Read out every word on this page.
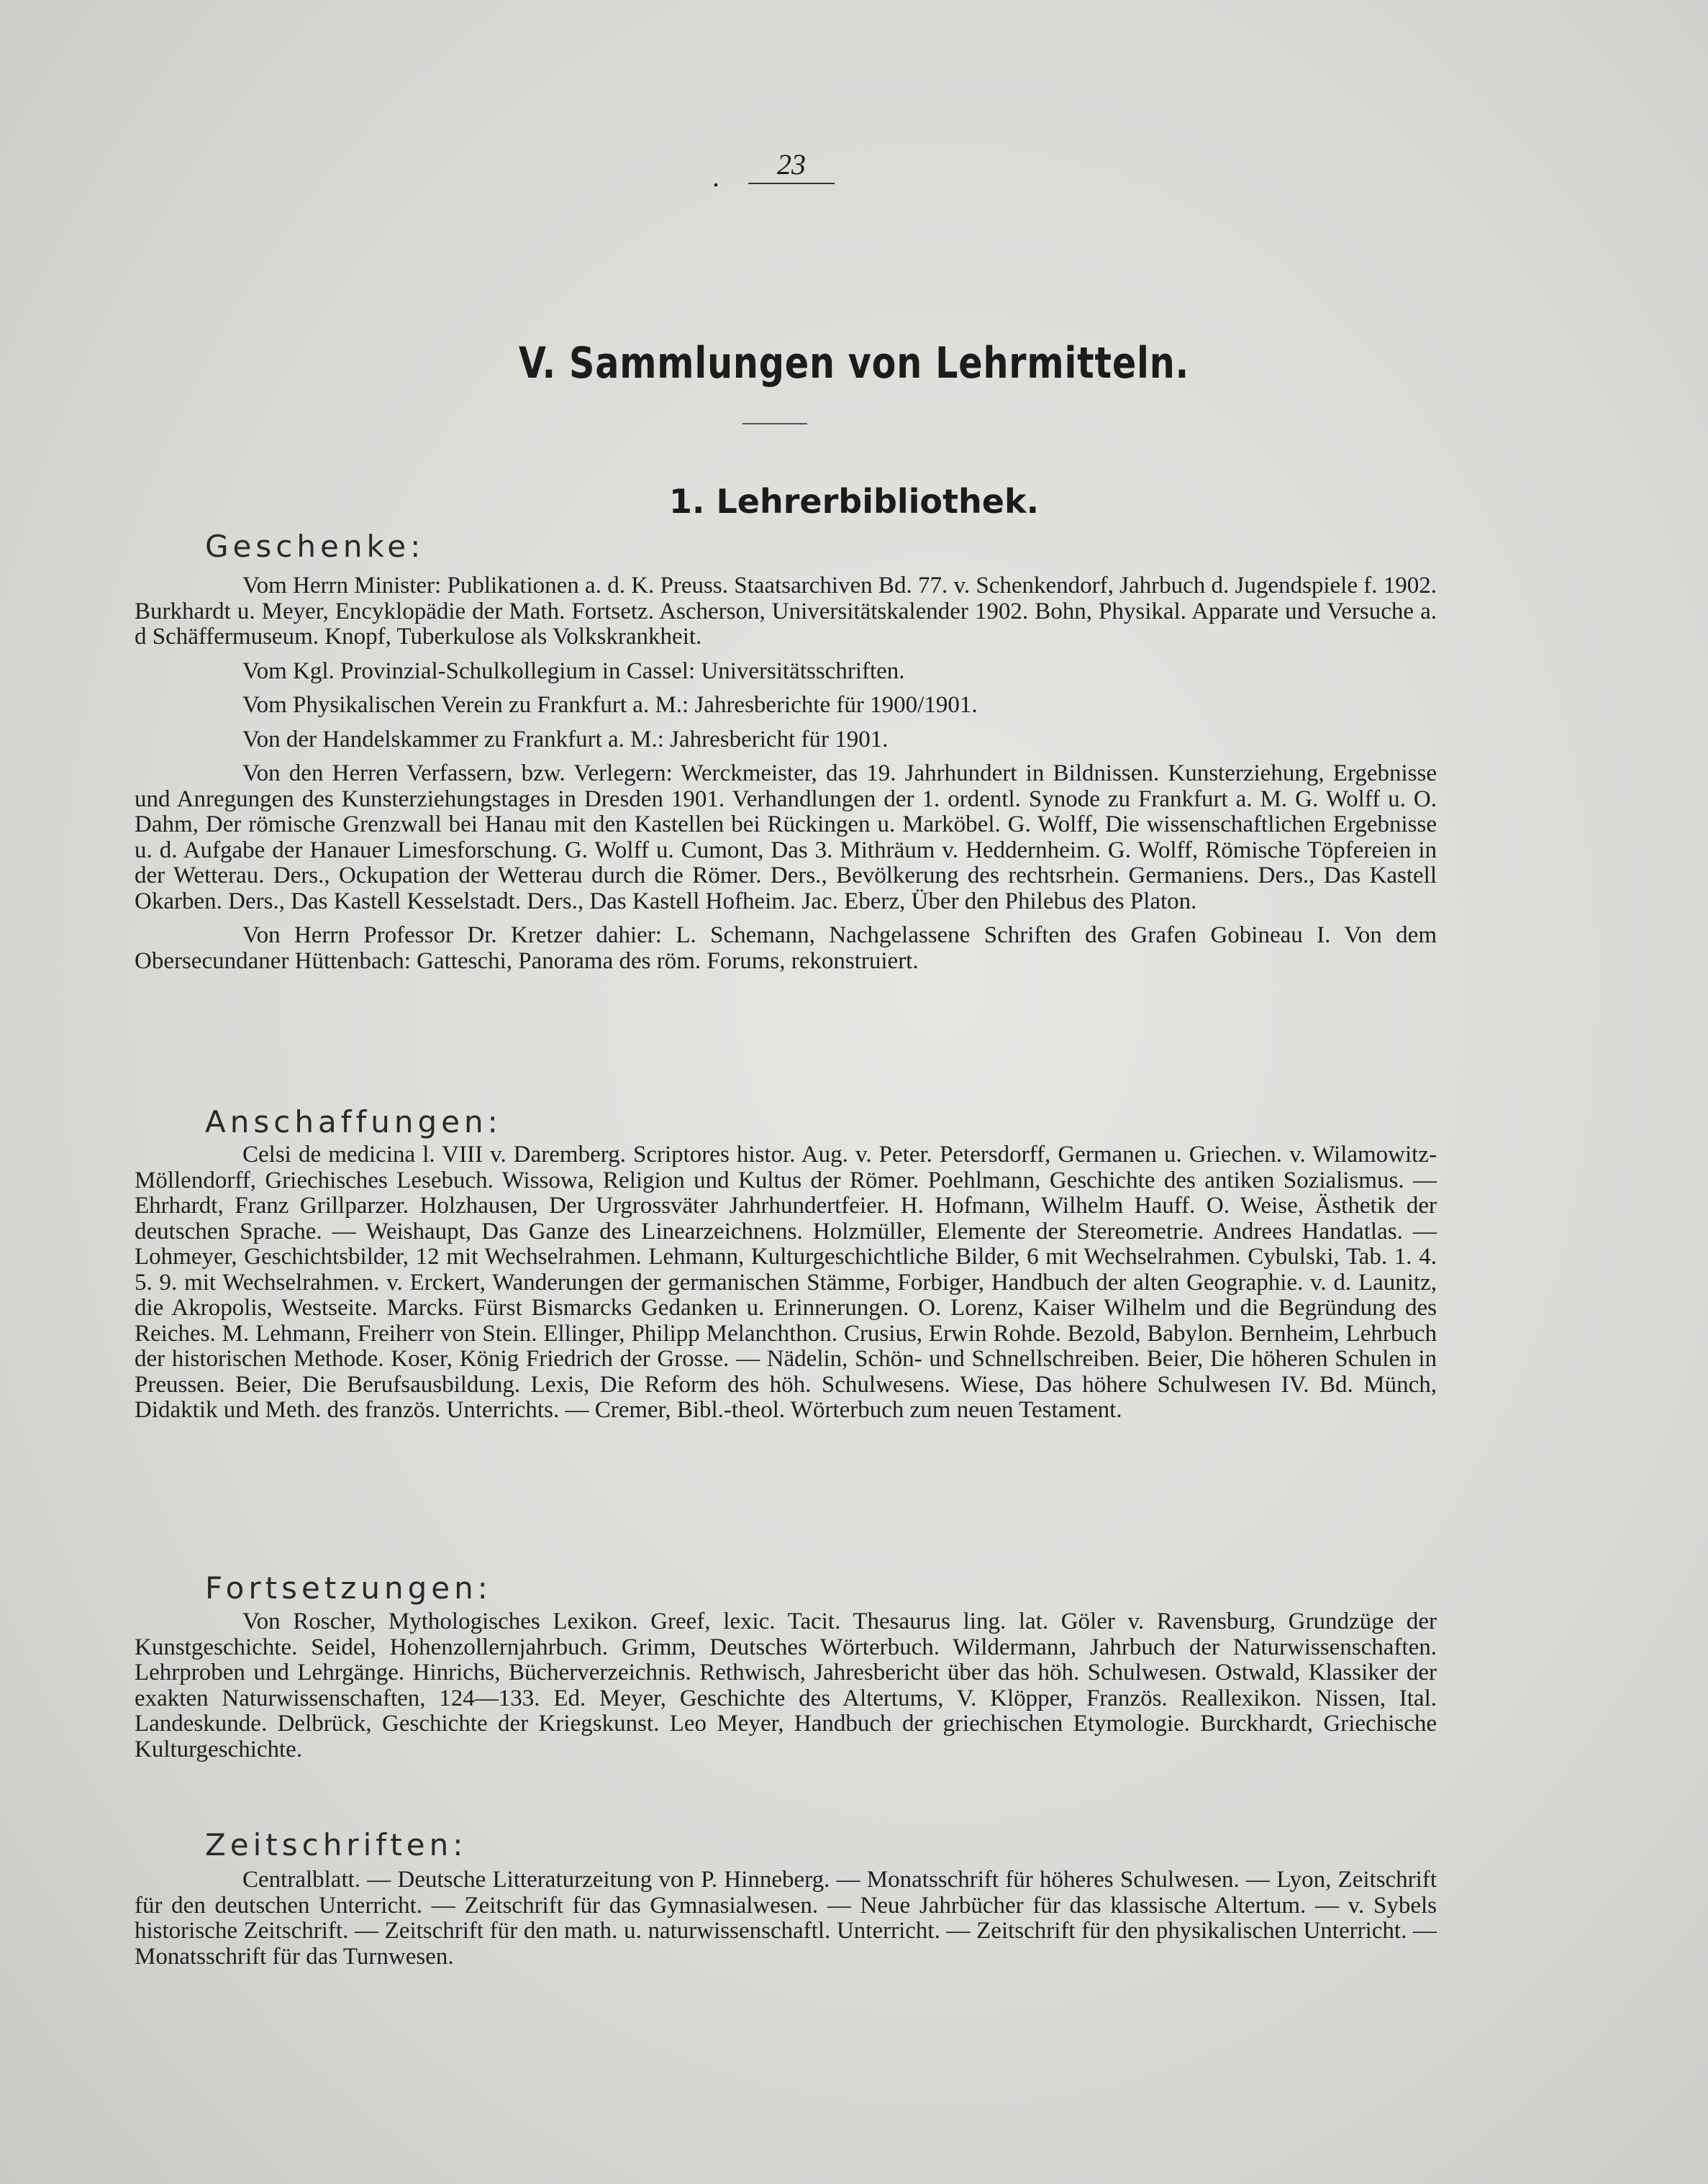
.	23
V. Sammlungen von Lehrmitteln.
1. Lehrerbibliothek.
Geschenke:

Vom Herrn Minister: Publikationen a. d. K. Preuss. Staatsarchiven Bd. 77. v. Schenkendorf, Jahrbuch d. Jugendspiele f. 1902. Burkhardt u. Meyer, Encyklopädie der Math. Fortsetz. Ascherson, Universitätskalender 1902. Bohn, Physikal. Apparate und Versuche a. d Schäffermuseum. Knopf, Tuberkulose als Volkskrankheit.

Vom Kgl. Provinzial-Schulkollegium in Cassel: Universitätsschriften.

Vom Physikalischen Verein zu Frankfurt a. M.: Jahresberichte für 1900/1901.

Von der Handelskammer zu Frankfurt a. M.: Jahresbericht für 1901.

Von den Herren Verfassern, bzw. Verlegern: Werckmeister, das 19. Jahrhundert in Bildnissen. Kunsterziehung, Ergebnisse und Anregungen des Kunsterziehungstages in Dresden 1901. Verhandlungen der 1. ordentl. Synode zu Frankfurt a. M. G. Wolff u. O. Dahm, Der römische Grenzwall bei Hanau mit den Kastellen bei Rückingen u. Marköbel. G. Wolff, Die wissenschaftlichen Ergebnisse u. d. Aufgabe der Hanauer Limesforschung. G. Wolff u. Cumont, Das 3. Mithräum v. Heddernheim. G. Wolff, Römische Töpfereien in der Wetterau. Ders., Ockupation der Wetterau durch die Römer. Ders., Bevölkerung des rechtsrhein. Germaniens. Ders., Das Kastell Okarben. Ders., Das Kastell Kesselstadt. Ders., Das Kastell Hofheim. Jac. Eberz, Über den Philebus des Platon.

Von Herrn Professor Dr. Kretzer dahier: L. Schemann, Nachgelassene Schriften des Grafen Gobineau I. Von dem Obersecundaner Hüttenbach: Gatteschi, Panorama des röm. Forums, rekonstruiert.

Anschaffungen:

Celsi de medicina l. VIII v. Daremberg. Scriptores histor. Aug. v. Peter. Petersdorff, Germanen u. Griechen. v. Wilamowitz-Möllendorff, Griechisches Lesebuch. Wissowa, Religion und Kultus der Römer. Poehlmann, Geschichte des antiken Sozialismus. — Ehrhardt, Franz Grillparzer. Holzhausen, Der Urgrossväter Jahrhundertfeier. H. Hofmann, Wilhelm Hauff. O. Weise, Ästhetik der deutschen Sprache. — Weishaupt, Das Ganze des Linearzeichnens. Holzmüller, Elemente der Stereometrie. Andrees Handatlas. — Lohmeyer, Geschichtsbilder, 12 mit Wechselrahmen. Lehmann, Kulturgeschichtliche Bilder, 6 mit Wechselrahmen. Cybulski, Tab. 1. 4. 5. 9. mit Wechselrahmen. v. Erckert, Wanderungen der germanischen Stämme, Forbiger, Handbuch der alten Geographie. v. d. Launitz, die Akropolis, Westseite. Marcks. Fürst Bismarcks Gedanken u. Erinnerungen. O. Lorenz, Kaiser Wilhelm und die Begründung des Reiches. M. Lehmann, Freiherr von Stein. Ellinger, Philipp Melanchthon. Crusius, Erwin Rohde. Bezold, Babylon. Bernheim, Lehrbuch der historischen Methode. Koser, König Friedrich der Grosse. — Nädelin, Schön- und Schnellschreiben. Beier, Die höheren Schulen in Preussen. Beier, Die Berufsausbildung. Lexis, Die Reform des höh. Schulwesens. Wiese, Das höhere Schulwesen IV. Bd. Münch, Didaktik und Meth. des französ. Unterrichts. — Cremer, Bibl.-theol. Wörterbuch zum neuen Testament.

Fortsetzungen:

Von Roscher, Mythologisches Lexikon. Greef, lexic. Tacit. Thesaurus ling. lat. Göler v. Ravensburg, Grundzüge der Kunstgeschichte. Seidel, Hohenzollernjahrbuch. Grimm, Deutsches Wörterbuch. Wildermann, Jahrbuch der Naturwissenschaften. Lehrproben und Lehrgänge. Hinrichs, Bücherverzeichnis. Rethwisch, Jahresbericht über das höh. Schulwesen. Ostwald, Klassiker der exakten Naturwissenschaften, 124—133. Ed. Meyer, Geschichte des Altertums, V. Klöpper, Französ. Reallexikon. Nissen, Ital. Landeskunde. Delbrück, Geschichte der Kriegskunst. Leo Meyer, Handbuch der griechischen Etymologie. Burckhardt, Griechische Kulturgeschichte.

Zeitschriften:

Centralblatt. — Deutsche Litteraturzeitung von P. Hinneberg. — Monatsschrift für höheres Schulwesen. — Lyon, Zeitschrift für den deutschen Unterricht. — Zeitschrift für das Gymnasialwesen. — Neue Jahrbücher für das klassische Altertum. — v. Sybels historische Zeitschrift. — Zeitschrift für den math. u. naturwissenschaftl. Unterricht. — Zeitschrift für den physikalischen Unterricht. — Monatsschrift für das Turnwesen.
